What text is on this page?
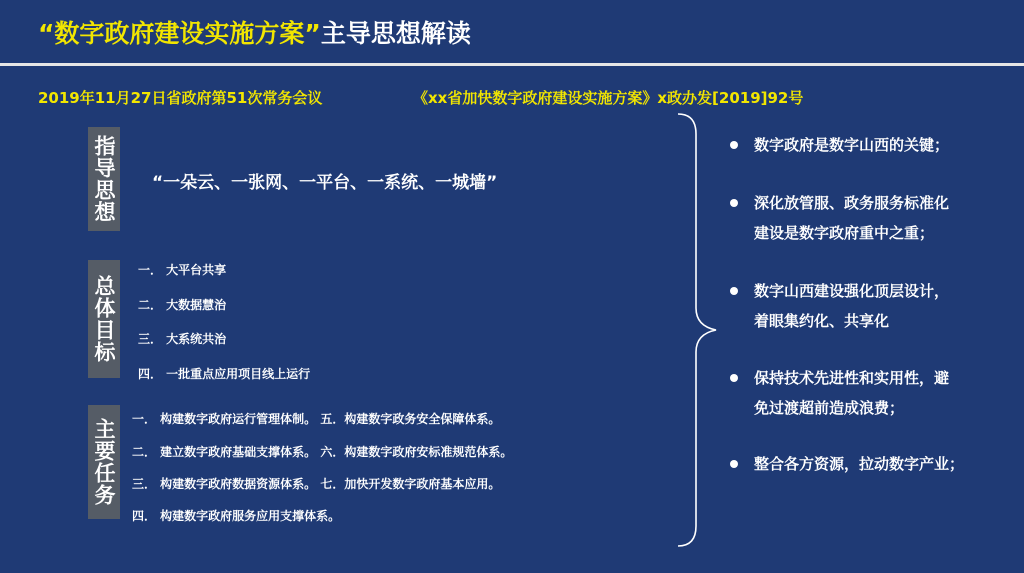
“数字政府建设实施方案”主导思想解读
2019年11月27日省政府第51次常务会议	《xx省加快数字政府建设实施方案》x政办发[2019]92号
指导思想 “一朵云、一张网、一平台、一系统、一城墙”
总体目标
一． 大平台共享
二． 大数据慧治
三． 大系统共治
四． 一批重点应用项目线上运行
主要任务 一． 构建数字政府运行管理体制。 五．构建数字政务安全保障体系。
二． 建立数字政府基础支撑体系。 六．构建数字政府安标准规范体系。
三． 构建数字政府数据资源体系。 七．加快开发数字政府基本应用。
四． 构建数字政府服务应用支撑体系。
数字政府是数字山西的关键；
深化放管服、政务服务标准化
建设是数字政府重中之重；
数字山西建设强化顶层设计，
着眼集约化、共享化
保持技术先进性和实用性，避
免过渡超前造成浪费；
整合各方资源，拉动数字产业；
